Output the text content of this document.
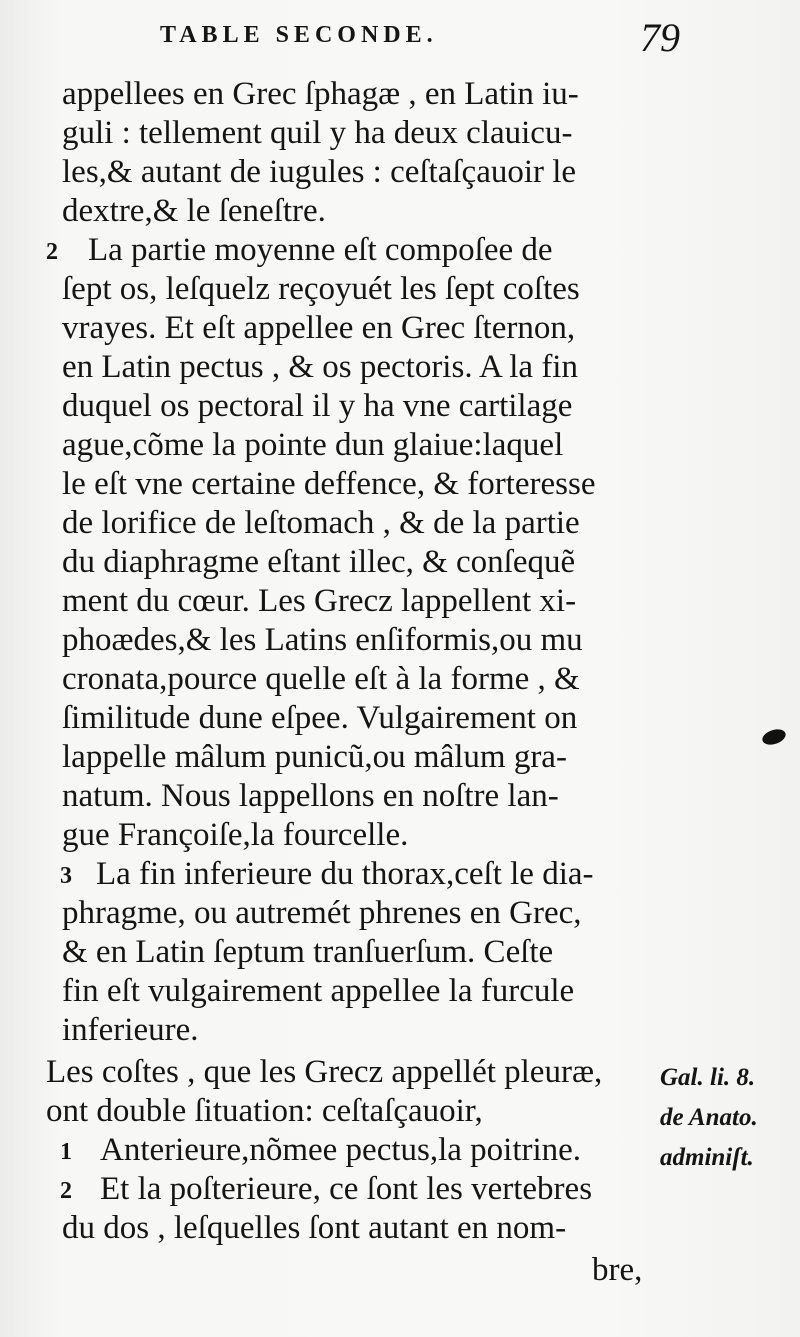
TABLE SECONDE.	79
appellees en Grec ſphagæ , en Latin iu-
guli : tellement quil y ha deux clauicu-
les,& autant de iugules : ceſtaſçauoir le
dextre,& le ſeneſtre.
2 La partie moyenne eſt compoſee de
ſept os, leſquelz reçoyuét les ſept coſtes
vrayes. Et eſt appellee en Grec ſternon,
en Latin pectus , & os pectoris. A la fin
duquel os pectoral il y ha vne cartilage
ague,cõme la pointe dun glaiue:laquel
le eſt vne certaine deffence, & forteresse
de lorifice de leſtomach , & de la partie
du diaphragme eſtant illec, & conſequẽ
ment du cœur. Les Grecz lappellent xi-
phoædes,& les Latins enſiformis,ou mu
cronata,pource quelle eſt à la forme , &
ſimilitude dune eſpee. Vulgairement on
lappelle mâlum punicũ,ou mâlum gra-
natum. Nous lappellons en noſtre lan-
gue Françoiſe,la fourcelle.
3 La fin inferieure du thorax,ceſt le dia-
phragme, ou autremét phrenes en Grec,
& en Latin ſeptum tranſuerſum. Ceſte
fin eſt vulgairement appellee la furcule
inferieure.
Les coſtes , que les Grecz appellét pleuræ,
ont double ſituation: ceſtaſçauoir,
1 Anterieure,nõmee pectus,la poitrine.
2 Et la poſterieure, ce ſont les vertebres
du dos , leſquelles ſont autant en nom-
bre,
Gal. li. 8.
de Anato.
adminiſt.
